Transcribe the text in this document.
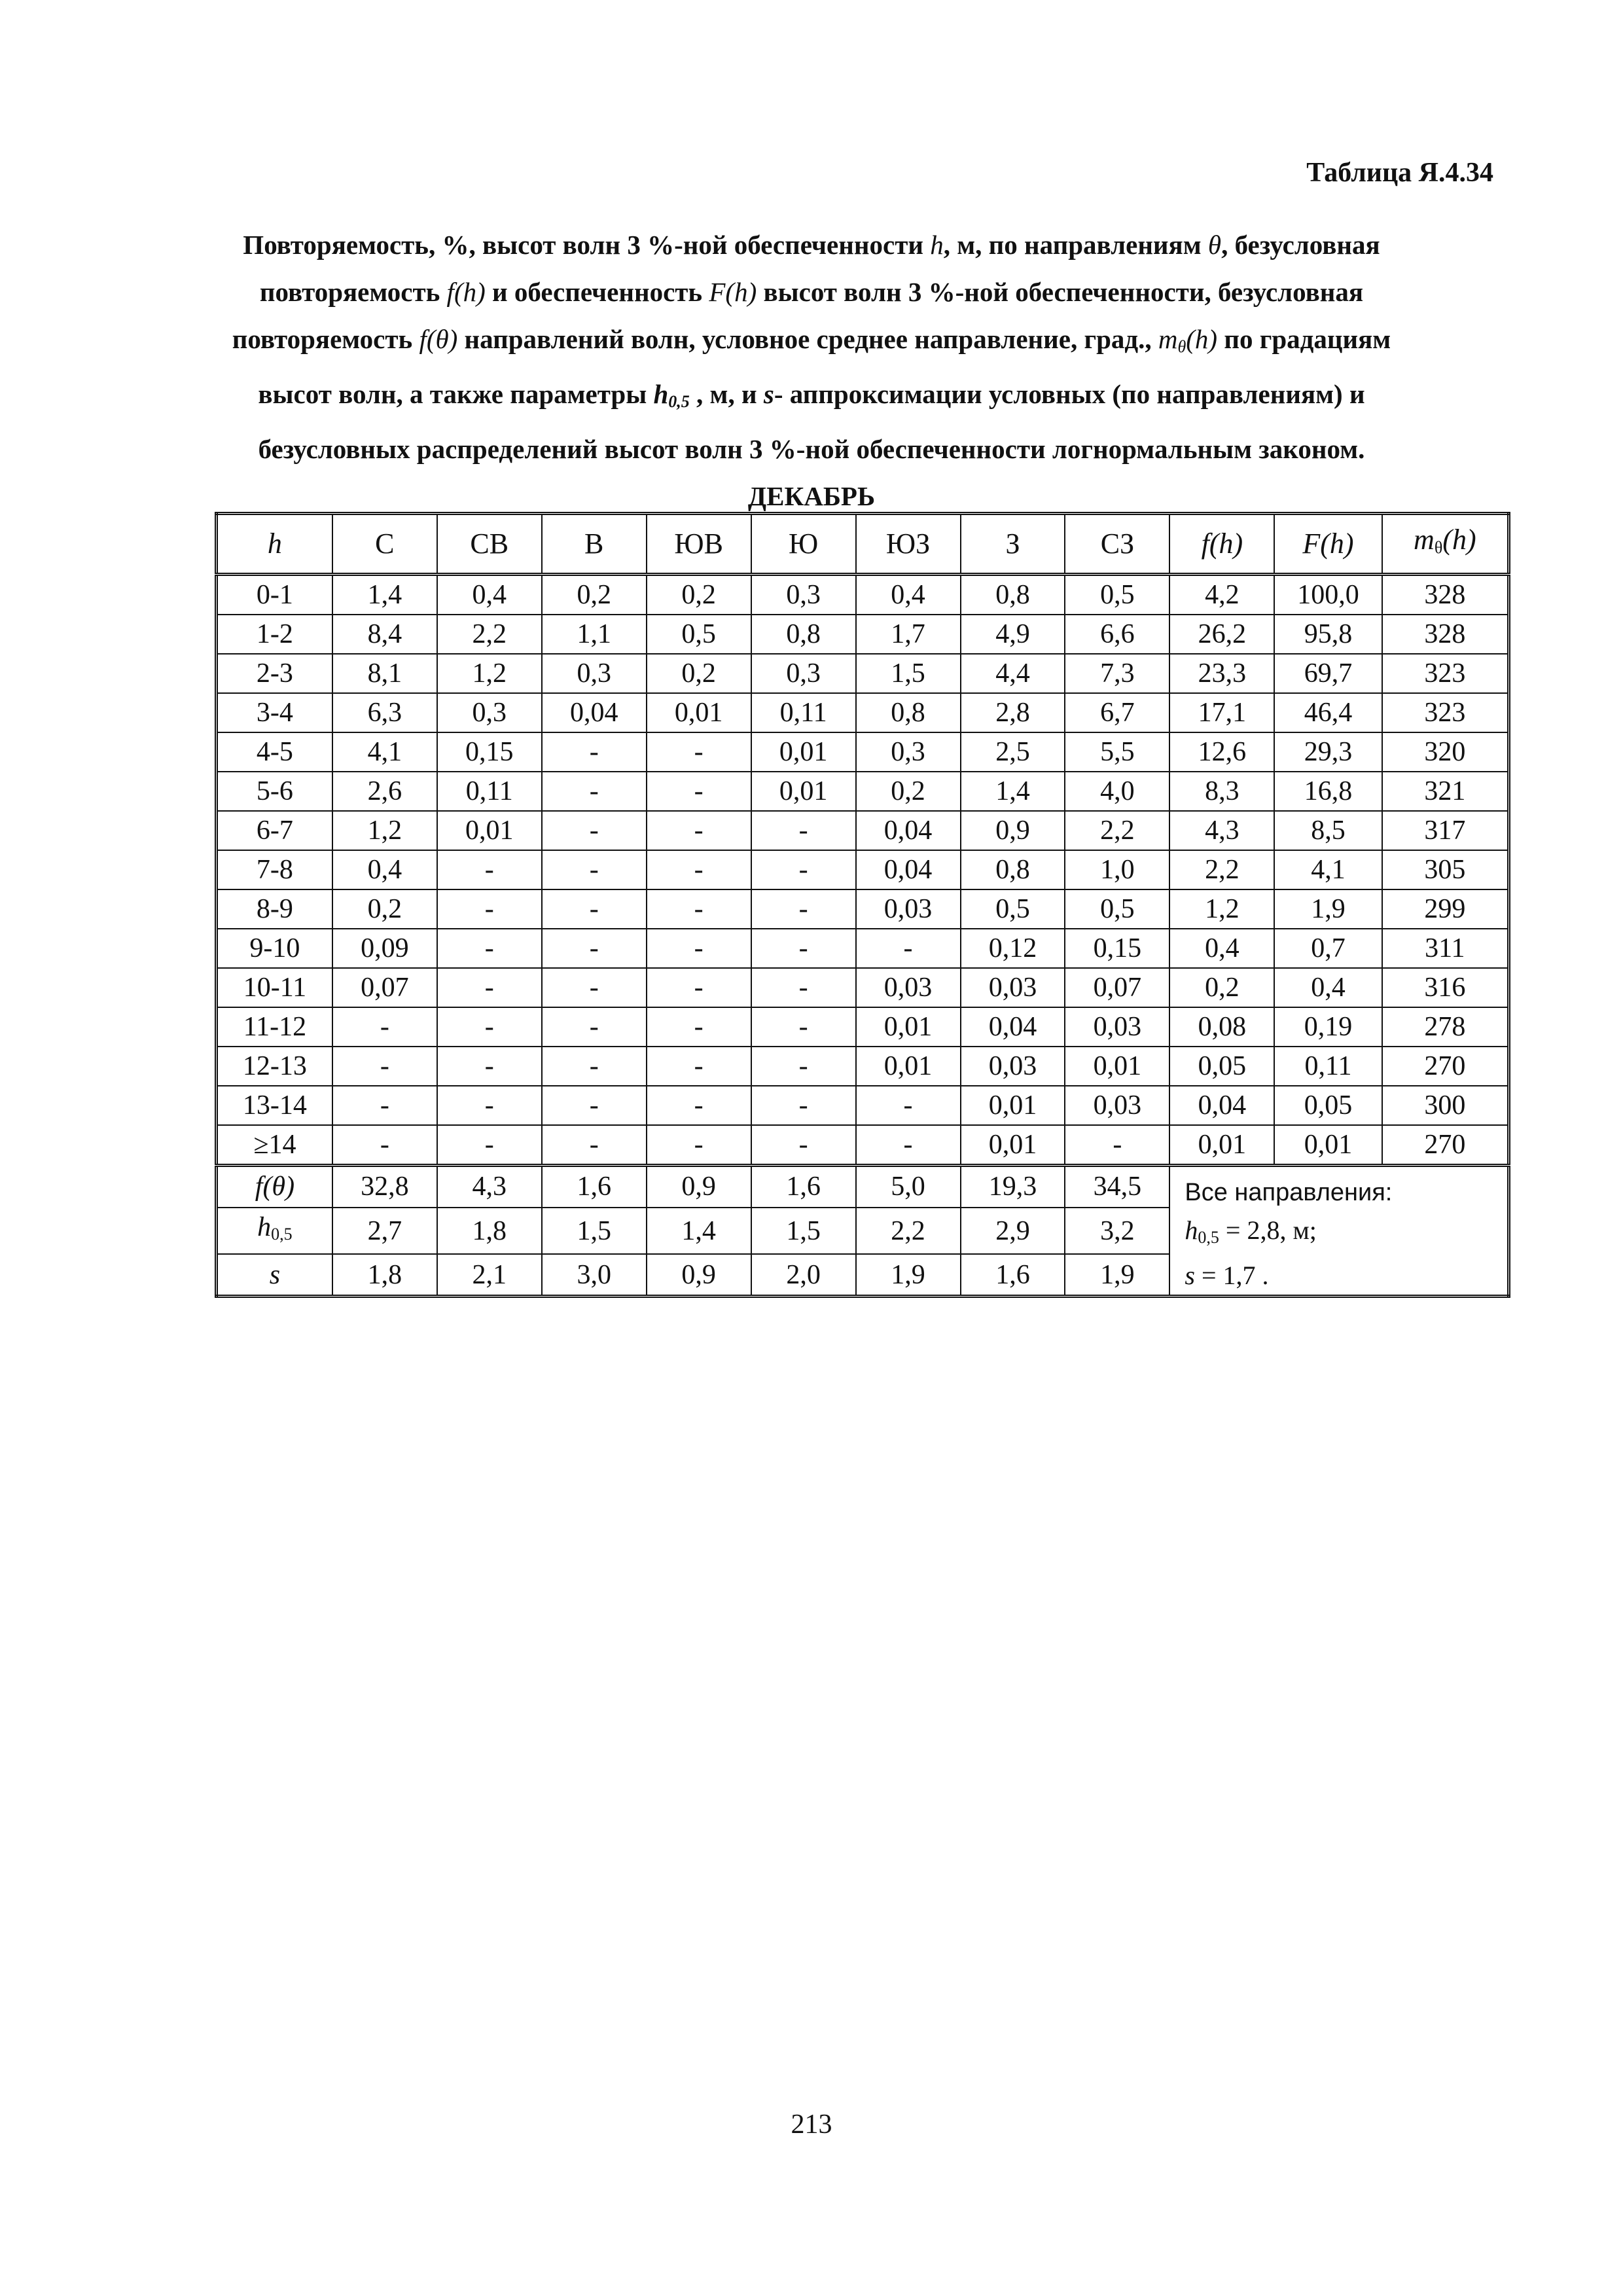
Таблица Я.4.34
Повторяемость, %, высот волн 3 %-ной обеспеченности h, м, по направлениям θ, безусловная повторяемость f(h) и обеспеченность F(h) высот волн 3 %-ной обеспеченности, безусловная повторяемость f(θ) направлений волн, условное среднее направление, град., $m_\theta(h)$ по градациям высот волн, а также параметры $h_{0,5}$ , м, и s- аппроксимации условных (по направлениям) и безусловных распределений высот волн 3 %-ной обеспеченности логнормальным законом. ДЕКАБРЬ
h	С	СВ	В	ЮВ	Ю	ЮЗ	З	СЗ	f(h)	F(h)	$m_\theta(h)$
0-1	1,4	0,4	0,2	0,2	0,3	0,4	0,8	0,5	4,2	100,0	328
1-2	8,4	2,2	1,1	0,5	0,8	1,7	4,9	6,6	26,2	95,8	328
2-3	8,1	1,2	0,3	0,2	0,3	1,5	4,4	7,3	23,3	69,7	323
3-4	6,3	0,3	0,04	0,01	0,11	0,8	2,8	6,7	17,1	46,4	323
4-5	4,1	0,15	-	-	0,01	0,3	2,5	5,5	12,6	29,3	320
5-6	2,6	0,11	-	-	0,01	0,2	1,4	4,0	8,3	16,8	321
6-7	1,2	0,01	-	-	-	0,04	0,9	2,2	4,3	8,5	317
7-8	0,4	-	-	-	-	0,04	0,8	1,0	2,2	4,1	305
8-9	0,2	-	-	-	-	0,03	0,5	0,5	1,2	1,9	299
9-10	0,09	-	-	-	-	-	0,12	0,15	0,4	0,7	311
10-11	0,07	-	-	-	-	0,03	0,03	0,07	0,2	0,4	316
11-12	-	-	-	-	-	0,01	0,04	0,03	0,08	0,19	278
12-13	-	-	-	-	-	0,01	0,03	0,01	0,05	0,11	270
13-14	-	-	-	-	-	-	0,01	0,03	0,04	0,05	300
≥14	-	-	-	-	-	-	0,01	-	0,01	0,01	270
f(θ)	32,8	4,3	1,6	0,9	1,6	5,0	19,3	34,5	Все направления:
$h_{0,5} = 2,8$, м;
s = 1,7 .		

$h_{0,5}$	2,7	1,8	1,5	1,4	1,5	2,2	2,9	3,2			
s	1,8	2,1	3,0	0,9	2,0	1,9	1,6	1,9			
213
